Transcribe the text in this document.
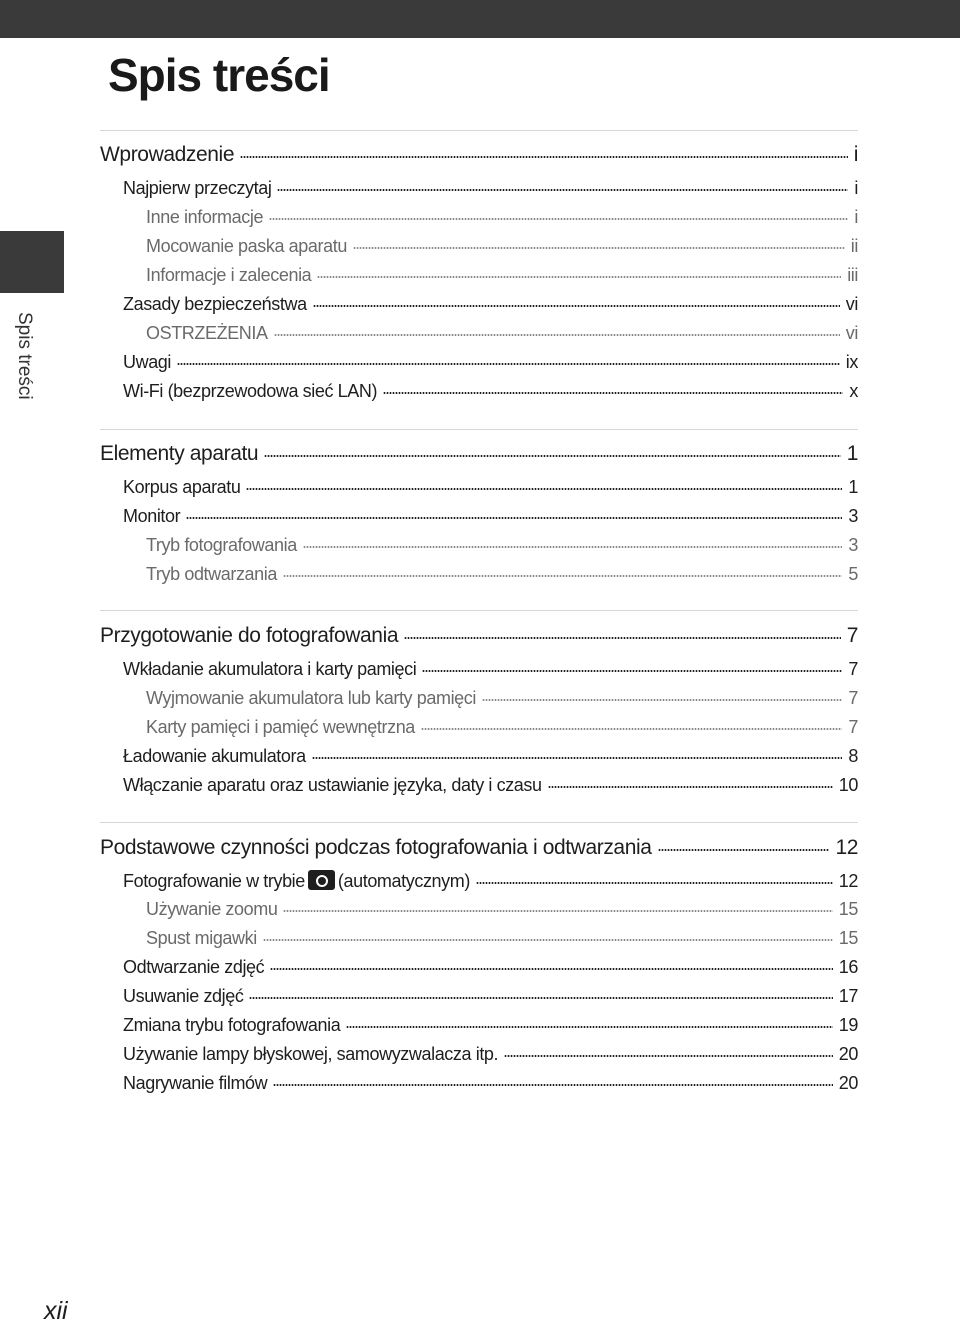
Spis treści
Spis treści
Wprowadzenie	i
Najpierw przeczytaj	i
Inne informacje	i
Mocowanie paska aparatu	ii
Informacje i zalecenia	iii
Zasady bezpieczeństwa	vi
OSTRZEŻENIA	vi
Uwagi	ix
Wi-Fi (bezprzewodowa sieć LAN)	x
Elementy aparatu	1
Korpus aparatu	1
Monitor	3
Tryb fotografowania	3
Tryb odtwarzania	5
Przygotowanie do fotografowania	7
Wkładanie akumulatora i karty pamięci	7
Wyjmowanie akumulatora lub karty pamięci	7
Karty pamięci i pamięć wewnętrzna	7
Ładowanie akumulatora	8
Włączanie aparatu oraz ustawianie języka, daty i czasu	10
Podstawowe czynności podczas fotografowania i odtwarzania	12
Fotografowanie w trybie (automatycznym)	12
Używanie zoomu	15
Spust migawki	15
Odtwarzanie zdjęć	16
Usuwanie zdjęć	17
Zmiana trybu fotografowania	19
Używanie lampy błyskowej, samowyzwalacza itp.	20
Nagrywanie filmów	20
xii
